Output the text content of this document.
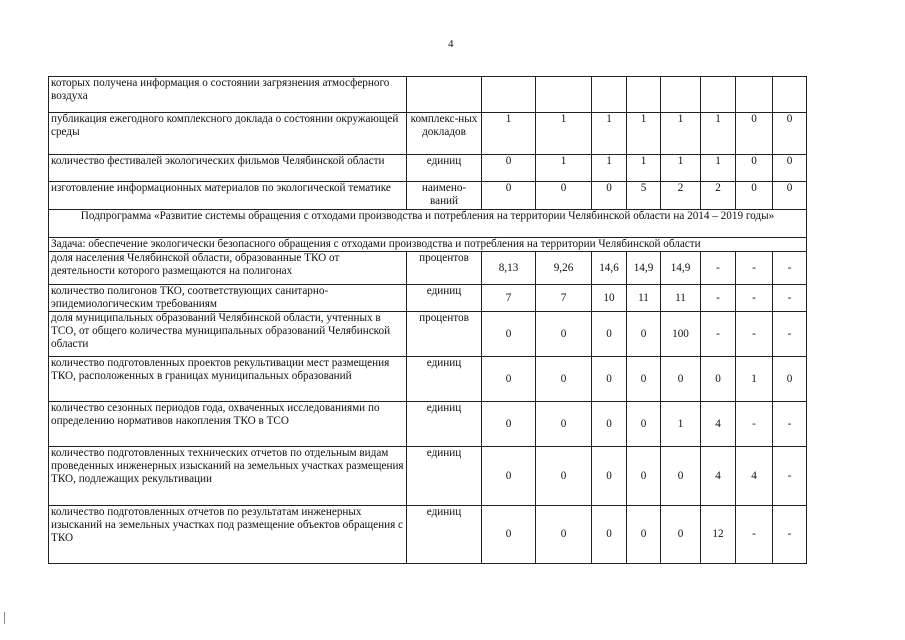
4
которых получена информация о состоянии загрязнения атмосферного воздуха									
публикация ежегодного комплексного доклада о состоянии окружающей среды	комплекс-ных докладов	1	1	1	1	1	1	0	0
количество фестивалей экологических фильмов Челябинской области	единиц	0	1	1	1	1	1	0	0
изготовление информационных материалов по экологической тематике	наимено-ваний	0	0	0	5	2	2	0	0
Подпрограмма «Развитие системы обращения с отходами производства и потребления на территории Челябинской области на 2014 – 2019 годы»									
Задача: обеспечение экологически безопасного обращения с отходами производства и потребления на территории Челябинской области									
доля населения Челябинской области, образованные ТКО от деятельности которого размещаются на полигонах	процентов	8,13	9,26	14,6	14,9	14,9	-	-	-
количество полигонов ТКО, соответствующих санитарно-эпидемиологическим требованиям	единиц	7	7	10	11	11	-	-	-
доля муниципальных образований Челябинской области, учтенных в ТСО, от общего количества муниципальных образований Челябинской области	процентов	0	0	0	0	100	-	-	-
количество подготовленных проектов рекультивации мест размещения ТКО, расположенных в границах муниципальных образований	единиц	0	0	0	0	0	0	1	0
количество сезонных периодов года, охваченных исследованиями по определению нормативов накопления ТКО в ТСО	единиц	0	0	0	0	1	4	-	-
количество подготовленных технических отчетов по отдельным видам проведенных инженерных изысканий на земельных участках размещения ТКО, подлежащих рекультивации	единиц	0	0	0	0	0	4	4	-
количество подготовленных отчетов по результатам инженерных изысканий на земельных участках под размещение объектов обращения с ТКО	единиц	0	0	0	0	0	12	-	-
